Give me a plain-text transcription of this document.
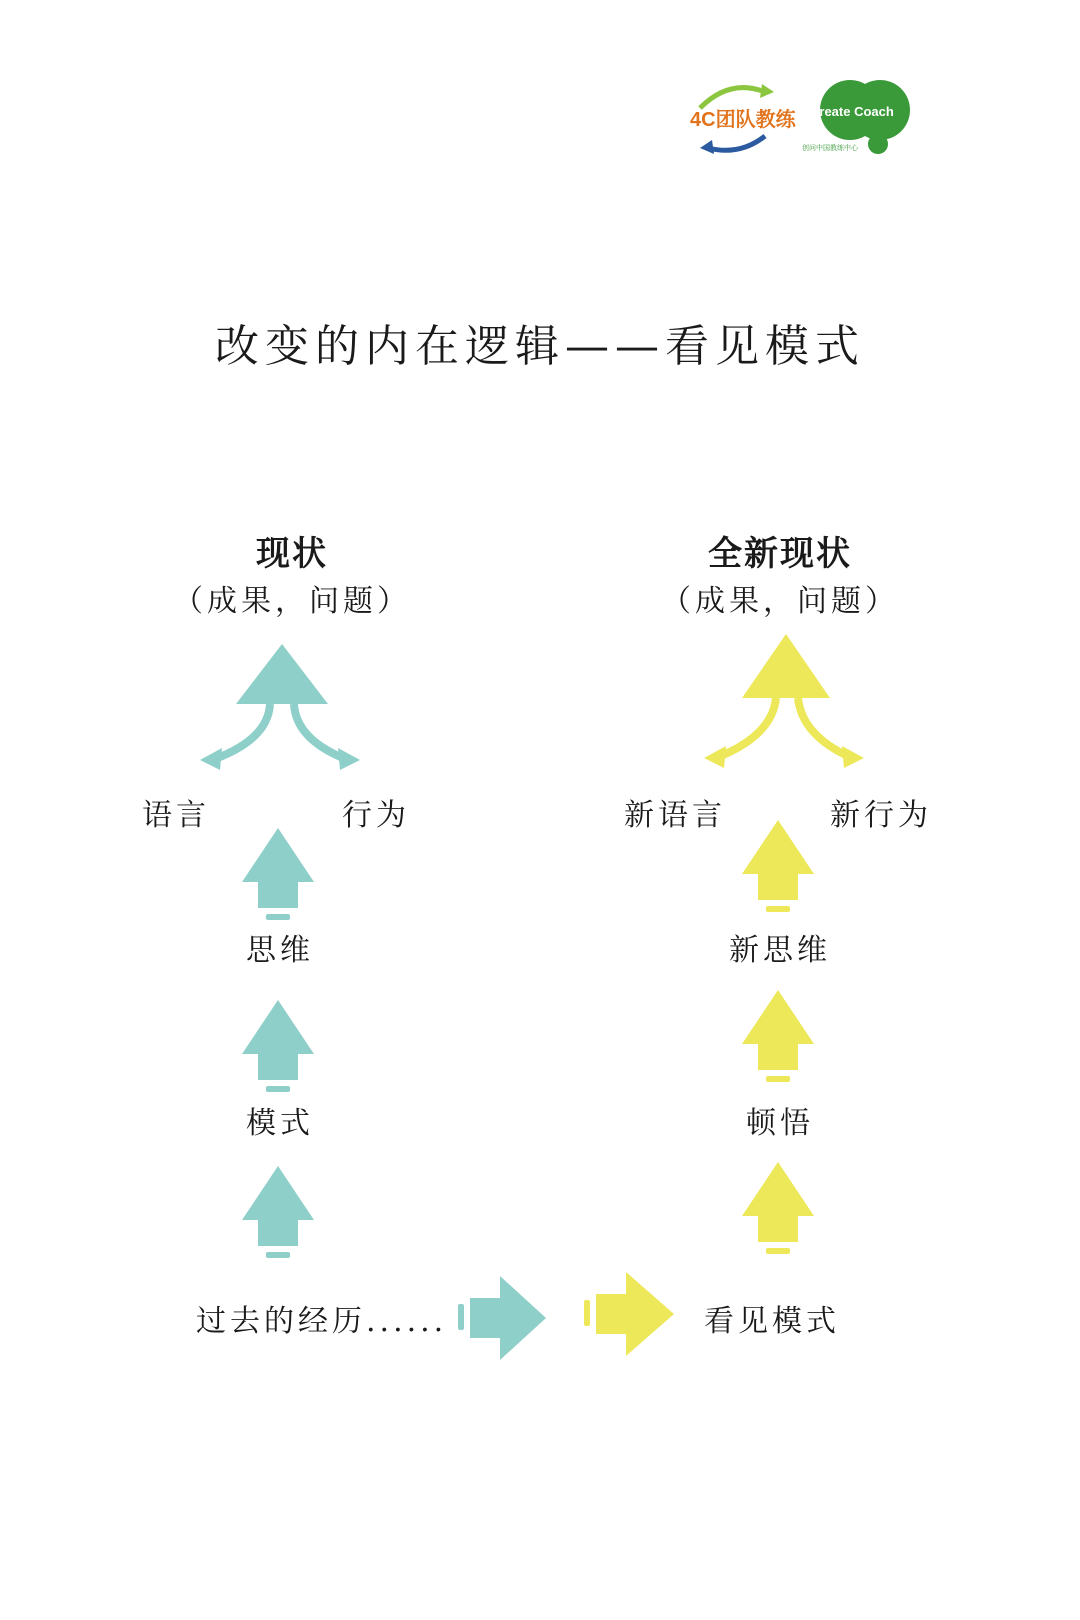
4C团队教练 Create Coach
创问中国教练中心
改变的内在逻辑——看见模式
现状
（成果，问题）
语言	行为
思维
模式
过去的经历......
全新现状
（成果，问题）
新语言	新行为
新思维
顿悟
看见模式
